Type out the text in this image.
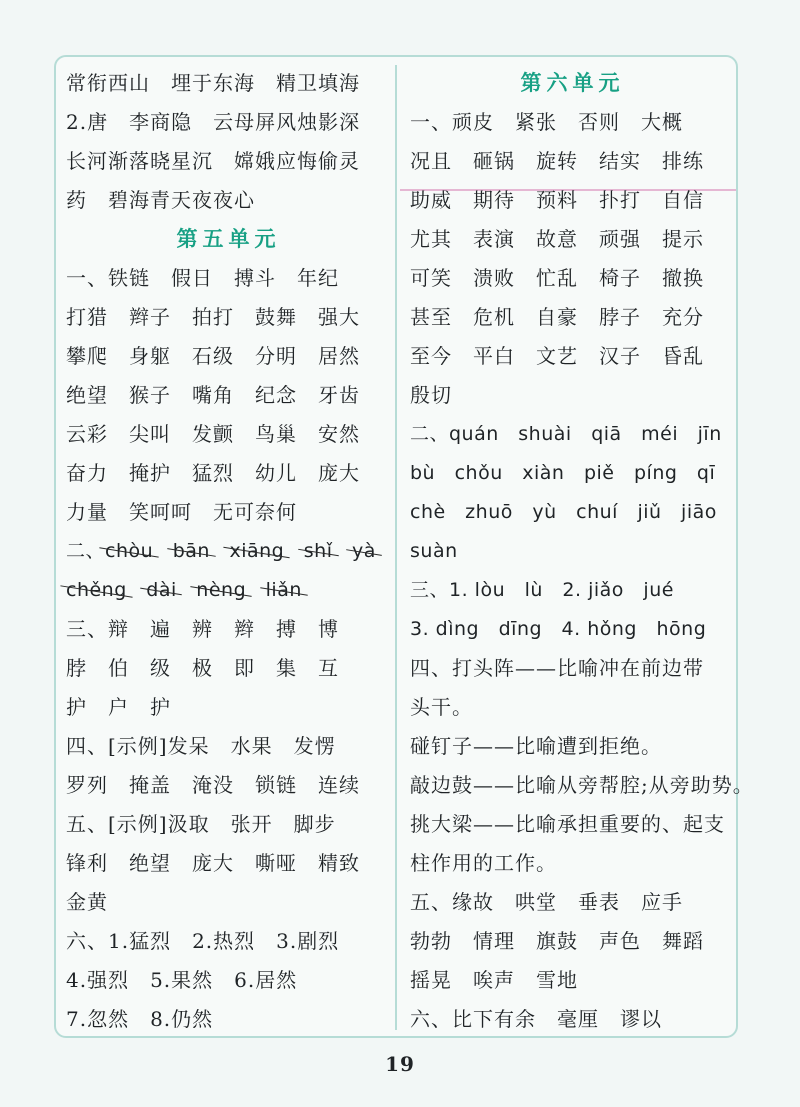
常衔西山　埋于东海　精卫填海
2.唐　李商隐　云母屏风烛影深
长河渐落晓星沉　嫦娥应悔偷灵
药　碧海青天夜夜心
第五单元
一、铁链　假日　搏斗　年纪
打猎　辫子　拍打　鼓舞　强大
攀爬　身躯　石级　分明　居然
绝望　猴子　嘴角　纪念　牙齿
云彩　尖叫　发颤　鸟巢　安然
奋力　掩护　猛烈　幼儿　庞大
力量　笑呵呵　无可奈何
二、chòu　 bān　 xiāng　 shǐ　 yà
chěng　 dài　 nèng　 liǎn
三、辩　遍　辨　辫　搏　博
脖　伯　级　极　即　集　互
护　户　护
四、[示例]发呆　水果　发愣
罗列　掩盖　淹没　锁链　连续
五、[示例]汲取　张开　脚步
锋利　绝望　庞大　嘶哑　精致
金黄
六、1.猛烈　2.热烈　3.剧烈
4.强烈　5.果然　6.居然
7.忽然　8.仍然
第六单元
一、顽皮　紧张　否则　大概
况且　砸锅　旋转　结实　排练
助威　期待　预料　扑打　自信
尤其　表演　故意　顽强　提示
可笑　溃败　忙乱　椅子　撤换
甚至　危机　自豪　脖子　充分
至今　平白　文艺　汉子　昏乱
殷切
二、quán　shuài　qiā　méi　jīn
bù　chǒu　xiàn　piě　píng　qī
chè　zhuō　yù　chuí　jiǔ　jiāo
suàn
三、1. lòu　lù　2. jiǎo　jué
3. dìng　dīng　4. hǒng　hōng
四、打头阵——比喻冲在前边带
头干。
碰钉子——比喻遭到拒绝。
敲边鼓——比喻从旁帮腔;从旁助势。
挑大梁——比喻承担重要的、起支
柱作用的工作。
五、缘故　哄堂　垂表　应手
勃勃　情理　旗鼓　声色　舞蹈
摇晃　唉声　雪地
六、比下有余　毫厘　谬以
19
